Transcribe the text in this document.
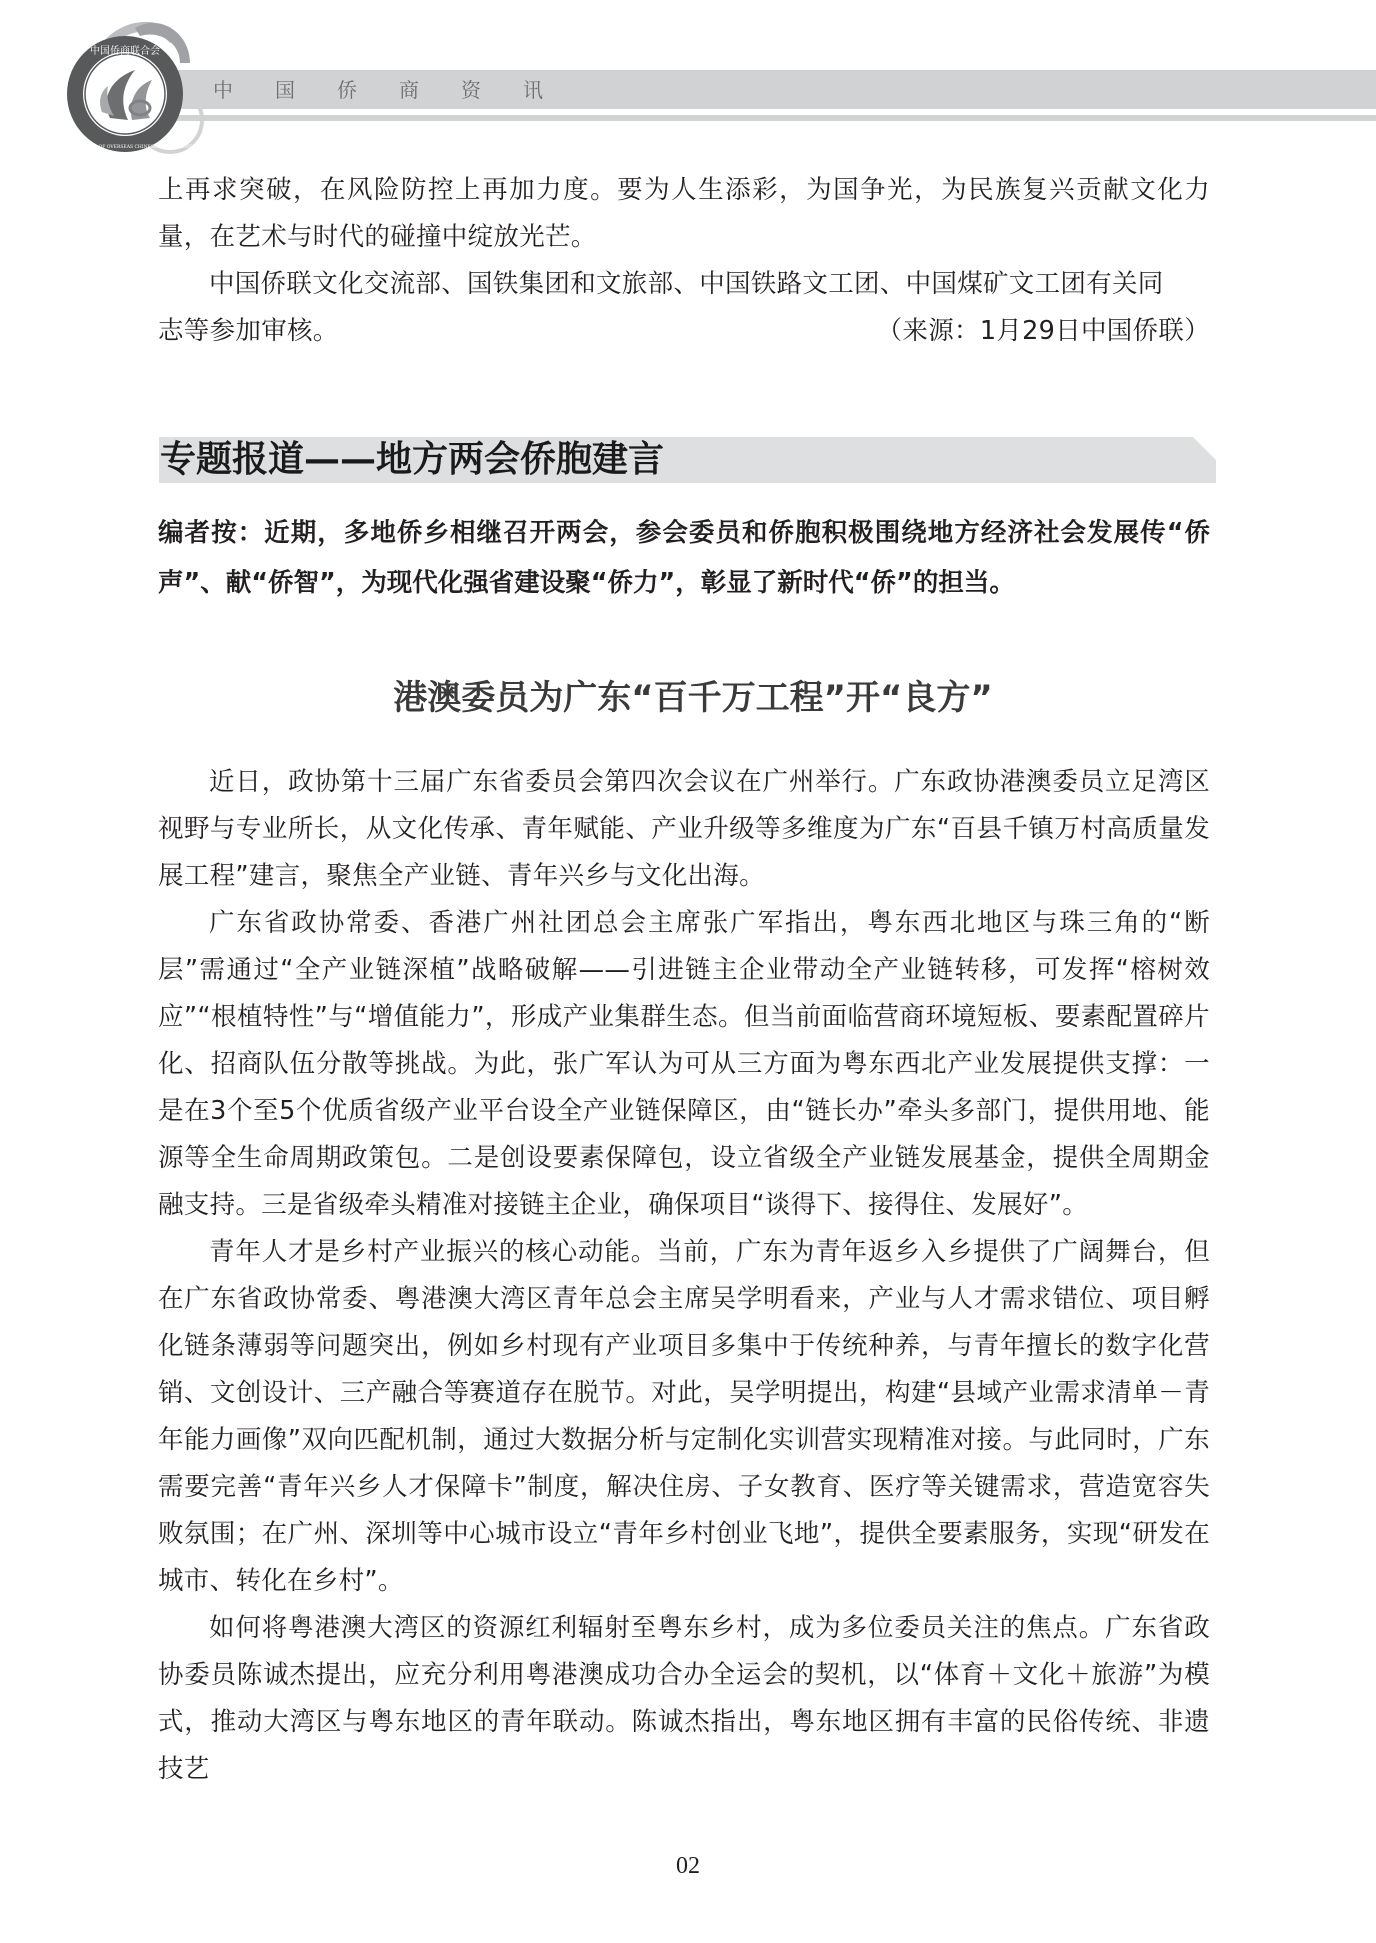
中国侨商资讯
中国侨商联合会
CHINA FEDERATION OF OVERSEAS CHINESE ENTREPRENEURS

上再求突破，在风险防控上再加力度。要为人生添彩，为国争光，为民族复兴贡献文化力量，在艺术与时代的碰撞中绽放光芒。

中国侨联文化交流部、国铁集团和文旅部、中国铁路文工团、中国煤矿文工团有关同

志等参加审核。	（来源：1月29日中国侨联）
专题报道——地方两会侨胞建言

编者按：近期，多地侨乡相继召开两会，参会委员和侨胞积极围绕地方经济社会发展传“侨声”、献“侨智”，为现代化强省建设聚“侨力”，彰显了新时代“侨”的担当。

港澳委员为广东“百千万工程”开“良方”

近日，政协第十三届广东省委员会第四次会议在广州举行。广东政协港澳委员立足湾区视野与专业所长，从文化传承、青年赋能、产业升级等多维度为广东“百县千镇万村高质量发展工程”建言，聚焦全产业链、青年兴乡与文化出海。

广东省政协常委、香港广州社团总会主席张广军指出，粤东西北地区与珠三角的“断层”需通过“全产业链深植”战略破解——引进链主企业带动全产业链转移，可发挥“榕树效应”“根植特性”与“增值能力”，形成产业集群生态。但当前面临营商环境短板、要素配置碎片化、招商队伍分散等挑战。为此，张广军认为可从三方面为粤东西北产业发展提供支撑：一是在3个至5个优质省级产业平台设全产业链保障区，由“链长办”牵头多部门，提供用地、能源等全生命周期政策包。二是创设要素保障包，设立省级全产业链发展基金，提供全周期金融支持。三是省级牵头精准对接链主企业，确保项目“谈得下、接得住、发展好”。

青年人才是乡村产业振兴的核心动能。当前，广东为青年返乡入乡提供了广阔舞台，但在广东省政协常委、粤港澳大湾区青年总会主席吴学明看来，产业与人才需求错位、项目孵化链条薄弱等问题突出，例如乡村现有产业项目多集中于传统种养，与青年擅长的数字化营销、文创设计、三产融合等赛道存在脱节。对此，吴学明提出，构建“县域产业需求清单－青年能力画像”双向匹配机制，通过大数据分析与定制化实训营实现精准对接。与此同时，广东需要完善“青年兴乡人才保障卡”制度，解决住房、子女教育、医疗等关键需求，营造宽容失败氛围；在广州、深圳等中心城市设立“青年乡村创业飞地”，提供全要素服务，实现“研发在城市、转化在乡村”。

如何将粤港澳大湾区的资源红利辐射至粤东乡村，成为多位委员关注的焦点。广东省政协委员陈诚杰提出，应充分利用粤港澳成功合办全运会的契机，以“体育＋文化＋旅游”为模式，推动大湾区与粤东地区的青年联动。陈诚杰指出，粤东地区拥有丰富的民俗传统、非遗技艺

02
